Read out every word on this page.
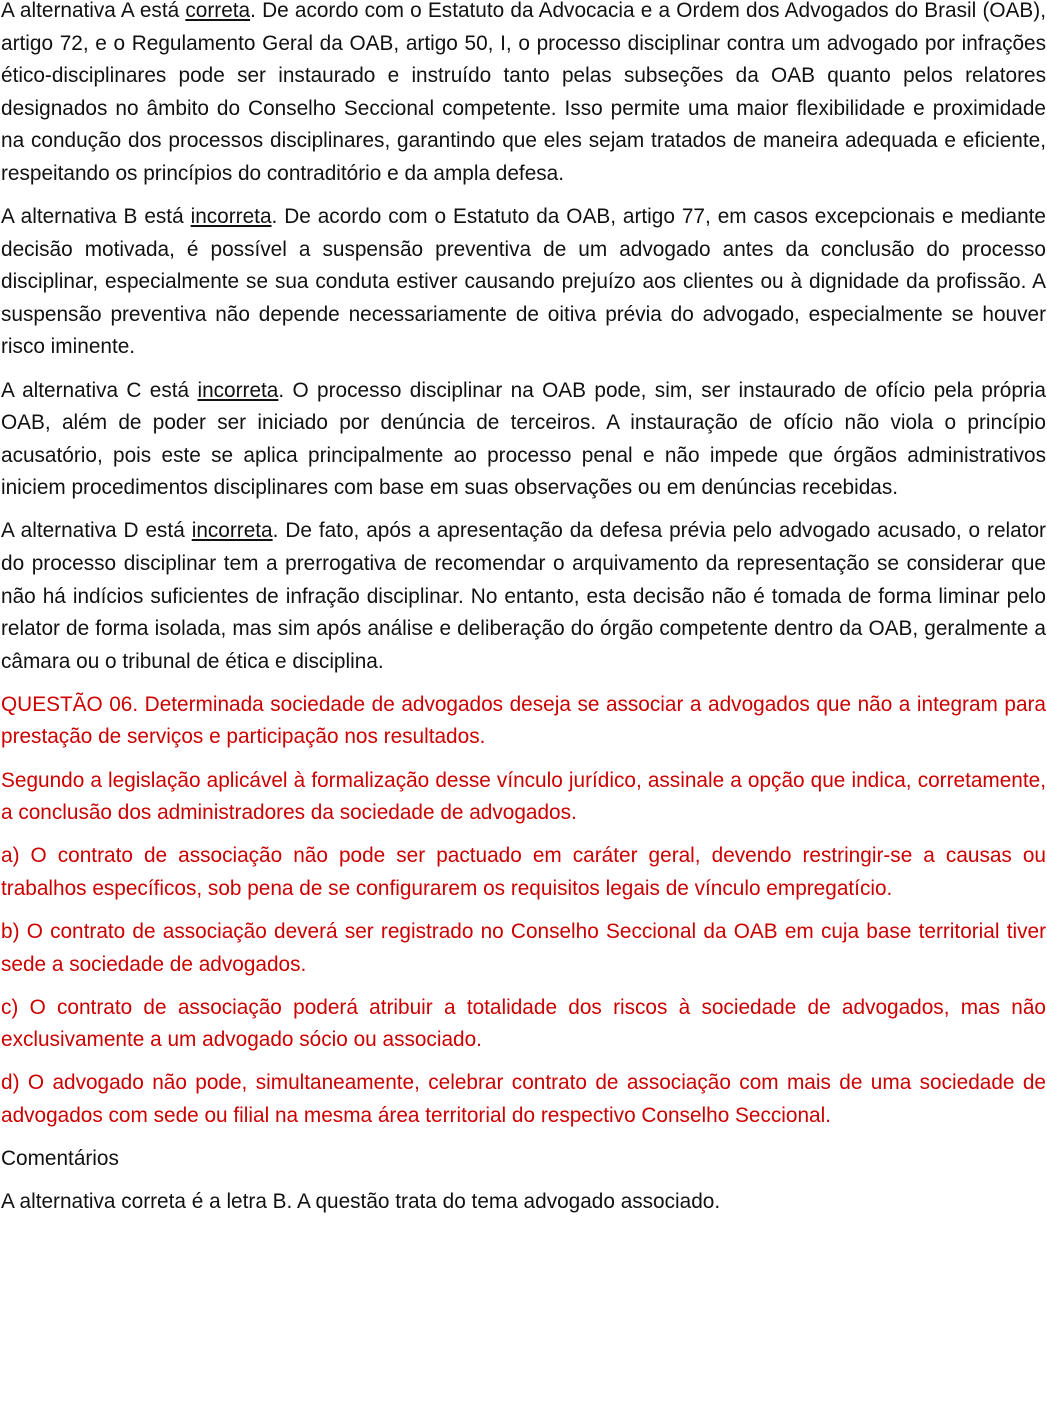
A alternativa A está correta. De acordo com o Estatuto da Advocacia e a Ordem dos Advogados do Brasil (OAB), artigo 72, e o Regulamento Geral da OAB, artigo 50, I, o processo disciplinar contra um advogado por infrações ético-disciplinares pode ser instaurado e instruído tanto pelas subseções da OAB quanto pelos relatores designados no âmbito do Conselho Seccional competente. Isso permite uma maior flexibilidade e proximidade na condução dos processos disciplinares, garantindo que eles sejam tratados de maneira adequada e eficiente, respeitando os princípios do contraditório e da ampla defesa.

A alternativa B está incorreta. De acordo com o Estatuto da OAB, artigo 77, em casos excepcionais e mediante decisão motivada, é possível a suspensão preventiva de um advogado antes da conclusão do processo disciplinar, especialmente se sua conduta estiver causando prejuízo aos clientes ou à dignidade da profissão. A suspensão preventiva não depende necessariamente de oitiva prévia do advogado, especialmente se houver risco iminente.

A alternativa C está incorreta. O processo disciplinar na OAB pode, sim, ser instaurado de ofício pela própria OAB, além de poder ser iniciado por denúncia de terceiros. A instauração de ofício não viola o princípio acusatório, pois este se aplica principalmente ao processo penal e não impede que órgãos administrativos iniciem procedimentos disciplinares com base em suas observações ou em denúncias recebidas.

A alternativa D está incorreta. De fato, após a apresentação da defesa prévia pelo advogado acusado, o relator do processo disciplinar tem a prerrogativa de recomendar o arquivamento da representação se considerar que não há indícios suficientes de infração disciplinar. No entanto, esta decisão não é tomada de forma liminar pelo relator de forma isolada, mas sim após análise e deliberação do órgão competente dentro da OAB, geralmente a câmara ou o tribunal de ética e disciplina.

QUESTÃO 06. Determinada sociedade de advogados deseja se associar a advogados que não a integram para prestação de serviços e participação nos resultados.

Segundo a legislação aplicável à formalização desse vínculo jurídico, assinale a opção que indica, corretamente, a conclusão dos administradores da sociedade de advogados.

a) O contrato de associação não pode ser pactuado em caráter geral, devendo restringir-se a causas ou trabalhos específicos, sob pena de se configurarem os requisitos legais de vínculo empregatício.

b) O contrato de associação deverá ser registrado no Conselho Seccional da OAB em cuja base territorial tiver sede a sociedade de advogados.

c) O contrato de associação poderá atribuir a totalidade dos riscos à sociedade de advogados, mas não exclusivamente a um advogado sócio ou associado.

d) O advogado não pode, simultaneamente, celebrar contrato de associação com mais de uma sociedade de advogados com sede ou filial na mesma área territorial do respectivo Conselho Seccional.

Comentários

A alternativa correta é a letra B. A questão trata do tema advogado associado.
